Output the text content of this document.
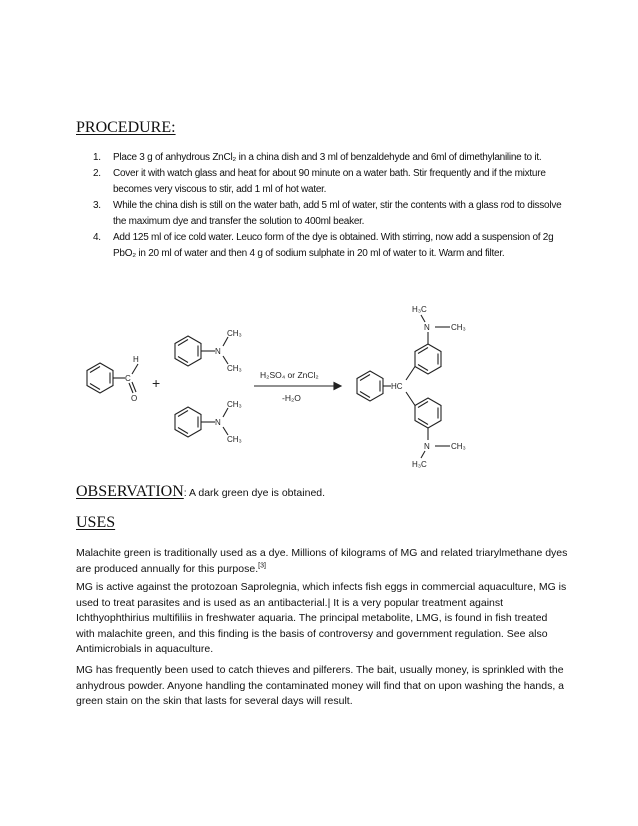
PROCEDURE:
1. Place 3 g of anhydrous ZnCl₂ in a china dish and 3 ml of benzaldehyde and 6ml of dimethylaniline to it.
2. Cover it with watch glass and heat for about 90 minute on a water bath. Stir frequently and if the mixture becomes very viscous to stir, add 1 ml of hot water.
3. While the china dish is still on the water bath, add 5 ml of water, stir the contents with a glass rod to dissolve the maximum dye and transfer the solution to 400ml beaker.
4. Add 125 ml of ice cold water. Leuco form of the dye is obtained. With stirring, now add a suspension of 2g PbO₂ in 20 ml of water and then 4 g of sodium sulphate in 20 ml of water to it. Warm and filter.
H
C
O
+
N
CH₃
CH₃
N
CH₃
CH₃
H₂SO₄ or ZnCl₂
-H₂O
HC
N
H₃C
CH₃
N	CH₃
H₃C
OBSERVATION: A dark green dye is obtained.
USES

Malachite green is traditionally used as a dye. Millions of kilograms of MG and related triarylmethane dyes are produced annually for this purpose.[3]

MG is active against the protozoan Saprolegnia, which infects fish eggs in commercial aquaculture, MG is used to treat parasites and is used as an antibacterial.| It is a very popular treatment against Ichthyophthirius multifiliis in freshwater aquaria. The principal metabolite, LMG, is found in fish treated with malachite green, and this finding is the basis of controversy and government regulation. See also Antimicrobials in aquaculture.

MG has frequently been used to catch thieves and pilferers. The bait, usually money, is sprinkled with the anhydrous powder. Anyone handling the contaminated money will find that on upon washing the hands, a green stain on the skin that lasts for several days will result.
